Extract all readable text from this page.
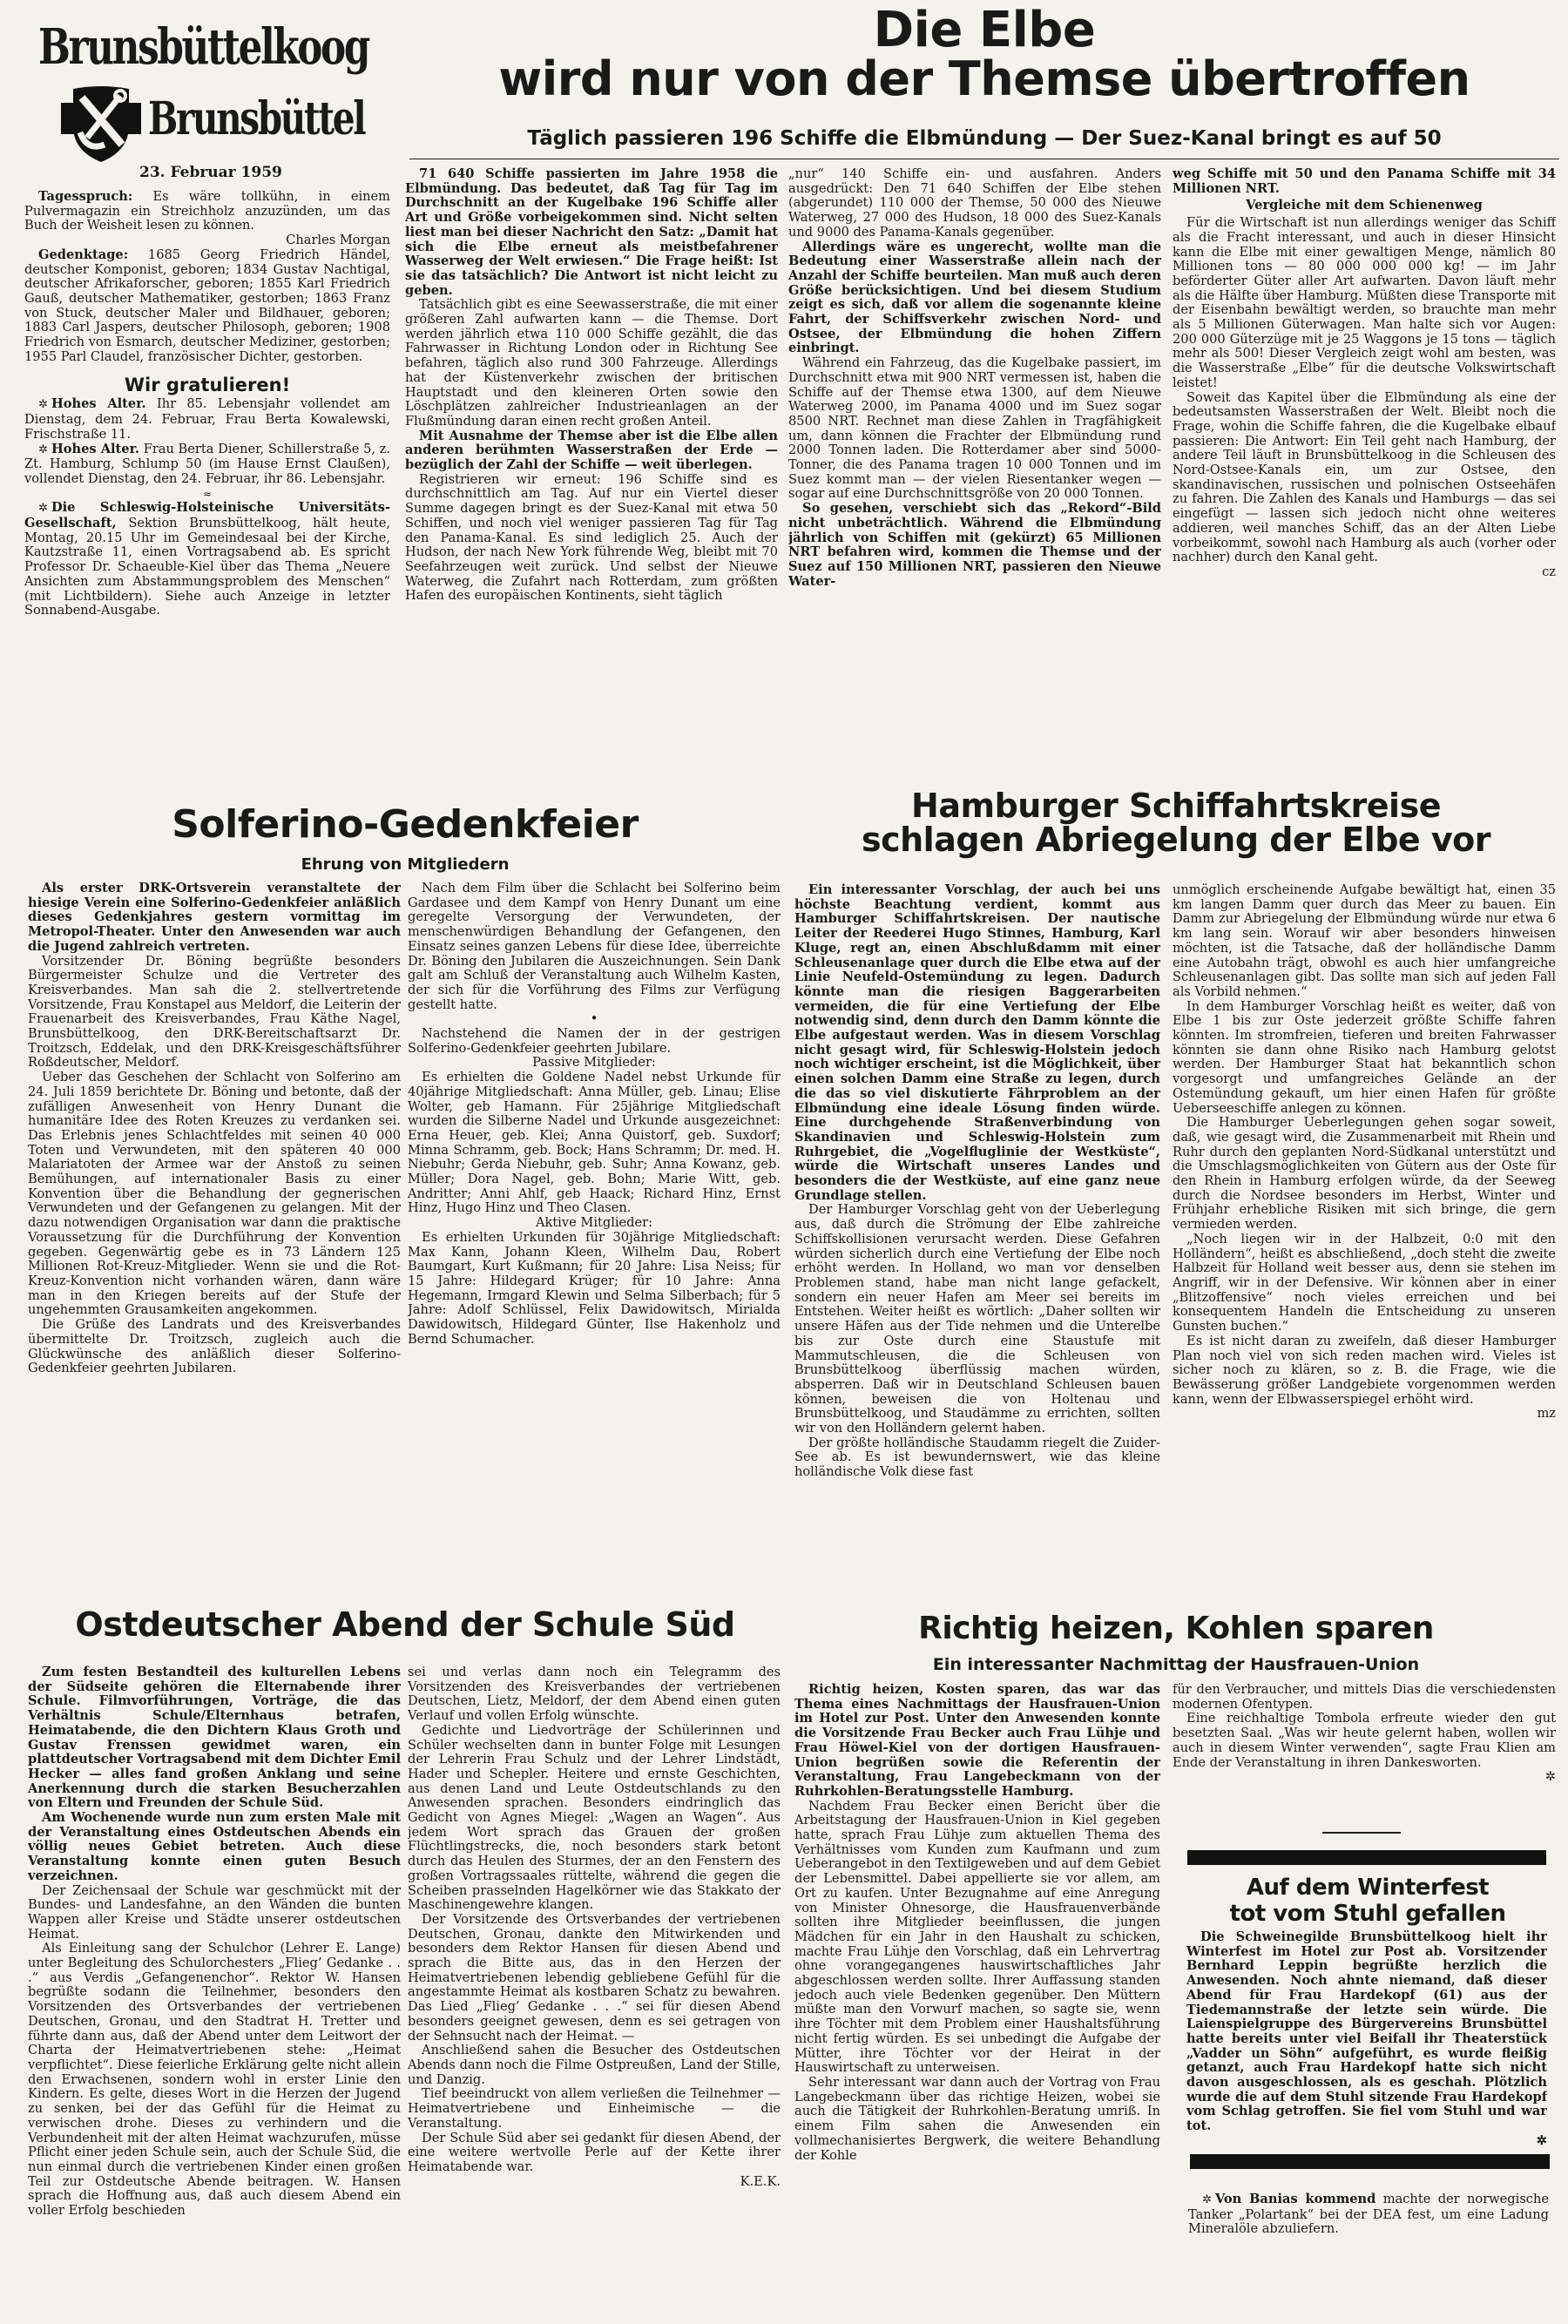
Brunsbüttelkoog
Brunsbüttel
23. Februar 1959

Tagesspruch: Es wäre tollkühn, in einem Pulvermagazin ein Streichholz anzuzünden, um das Buch der Weisheit lesen zu können.

Charles Morgan

Gedenktage: 1685 Georg Friedrich Händel, deutscher Komponist, geboren; 1834 Gustav Nachtigal, deutscher Afrikaforscher, geboren; 1855 Karl Friedrich Gauß, deutscher Mathematiker, gestorben; 1863 Franz von Stuck, deutscher Maler und Bildhauer, geboren; 1883 Carl Jaspers, deutscher Philosoph, geboren; 1908 Friedrich von Esmarch, deutscher Mediziner, gestorben; 1955 Parl Claudel, französischer Dichter, gestorben.

Wir gratulieren!

✲ Hohes Alter. Ihr 85. Lebensjahr vollendet am Dienstag, dem 24. Februar, Frau Berta Kowalewski, Frischstraße 11.

✲ Hohes Alter. Frau Berta Diener, Schillerstraße 5, z. Zt. Hamburg, Schlump 50 (im Hause Ernst Claußen), vollendet Dienstag, den 24. Februar, ihr 86. Lebensjahr.

≈

✲ Die Schleswig-Holsteinische Universitäts-Gesellschaft, Sektion Brunsbüttelkoog, hält heute, Montag, 20.15 Uhr im Gemeindesaal bei der Kirche, Kautzstraße 11, einen Vortragsabend ab. Es spricht Professor Dr. Schaeuble-Kiel über das Thema „Neuere Ansichten zum Abstammungsproblem des Menschen“ (mit Lichtbildern). Siehe auch Anzeige in letzter Sonnabend-Ausgabe.

Die Elbe
wird nur von der Themse übertroffen
Täglich passieren 196 Schiffe die Elbmündung — Der Suez-Kanal bringt es auf 50

71 640 Schiffe passierten im Jahre 1958 die Elbmündung. Das bedeutet, daß Tag für Tag im Durchschnitt an der Kugelbake 196 Schiffe aller Art und Größe vorbeigekommen sind. Nicht selten liest man bei dieser Nachricht den Satz: „Damit hat sich die Elbe erneut als meistbefahrener Wasserweg der Welt erwiesen.“ Die Frage heißt: Ist sie das tatsächlich? Die Antwort ist nicht leicht zu geben.

Tatsächlich gibt es eine Seewasserstraße, die mit einer größeren Zahl aufwarten kann — die Themse. Dort werden jährlich etwa 110 000 Schiffe gezählt, die das Fahrwasser in Richtung London oder in Richtung See befahren, täglich also rund 300 Fahrzeuge. Allerdings hat der Küstenverkehr zwischen der britischen Hauptstadt und den kleineren Orten sowie den Löschplätzen zahlreicher Industrieanlagen an der Flußmündung daran einen recht großen Anteil.

Mit Ausnahme der Themse aber ist die Elbe allen anderen berühmten Wasserstraßen der Erde — bezüglich der Zahl der Schiffe — weit überlegen.

Registrieren wir erneut: 196 Schiffe sind es durchschnittlich am Tag. Auf nur ein Viertel dieser Summe dagegen bringt es der Suez-Kanal mit etwa 50 Schiffen, und noch viel weniger passieren Tag für Tag den Panama-Kanal. Es sind lediglich 25. Auch der Hudson, der nach New York führende Weg, bleibt mit 70 Seefahrzeugen weit zurück. Und selbst der Nieuwe Waterweg, die Zufahrt nach Rotterdam, zum größten Hafen des europäischen Kontinents, sieht täglich

„nur“ 140 Schiffe ein- und ausfahren. Anders ausgedrückt: Den 71 640 Schiffen der Elbe stehen (abgerundet) 110 000 der Themse, 50 000 des Nieuwe Waterweg, 27 000 des Hudson, 18 000 des Suez-Kanals und 9000 des Panama-Kanals gegenüber.

Allerdings wäre es ungerecht, wollte man die Bedeutung einer Wasserstraße allein nach der Anzahl der Schiffe beurteilen. Man muß auch deren Größe berücksichtigen. Und bei diesem Studium zeigt es sich, daß vor allem die sogenannte kleine Fahrt, der Schiffsverkehr zwischen Nord- und Ostsee, der Elbmündung die hohen Ziffern einbringt.

Während ein Fahrzeug, das die Kugelbake passiert, im Durchschnitt etwa mit 900 NRT vermessen ist, haben die Schiffe auf der Themse etwa 1300, auf dem Nieuwe Waterweg 2000, im Panama 4000 und im Suez sogar 8500 NRT. Rechnet man diese Zahlen in Tragfähigkeit um, dann können die Frachter der Elbmündung rund 2000 Tonnen laden. Die Rotterdamer aber sind 5000-Tonner, die des Panama tragen 10 000 Tonnen und im Suez kommt man — der vielen Riesentanker wegen — sogar auf eine Durchschnittsgröße von 20 000 Tonnen.

So gesehen, verschiebt sich das „Rekord“-Bild nicht unbeträchtlich. Während die Elbmündung jährlich von Schiffen mit (gekürzt) 65 Millionen NRT befahren wird, kommen die Themse und der Suez auf 150 Millionen NRT, passieren den Nieuwe Water-

weg Schiffe mit 50 und den Panama Schiffe mit 34 Millionen NRT.

Vergleiche mit dem Schienenweg

Für die Wirtschaft ist nun allerdings weniger das Schiff als die Fracht interessant, und auch in dieser Hinsicht kann die Elbe mit einer gewaltigen Menge, nämlich 80 Millionen tons — 80 000 000 000 kg! — im Jahr beförderter Güter aller Art aufwarten. Davon läuft mehr als die Hälfte über Hamburg. Müßten diese Transporte mit der Eisenbahn bewältigt werden, so brauchte man mehr als 5 Millionen Güterwagen. Man halte sich vor Augen: 200 000 Güterzüge mit je 25 Waggons je 15 tons — täglich mehr als 500! Dieser Vergleich zeigt wohl am besten, was die Wasserstraße „Elbe“ für die deutsche Volkswirtschaft leistet!

Soweit das Kapitel über die Elbmündung als eine der bedeutsamsten Wasserstraßen der Welt. Bleibt noch die Frage, wohin die Schiffe fahren, die die Kugelbake elbauf passieren: Die Antwort: Ein Teil geht nach Hamburg, der andere Teil läuft in Brunsbüttelkoog in die Schleusen des Nord-Ostsee-Kanals ein, um zur Ostsee, den skandinavischen, russischen und polnischen Ostseehäfen zu fahren. Die Zahlen des Kanals und Hamburgs — das sei eingefügt — lassen sich jedoch nicht ohne weiteres addieren, weil manches Schiff, das an der Alten Liebe vorbeikommt, sowohl nach Hamburg als auch (vorher oder nachher) durch den Kanal geht.

cz

Solferino-Gedenkfeier
Ehrung von Mitgliedern

Als erster DRK-Ortsverein veranstaltete der hiesige Verein eine Solferino-Gedenkfeier anläßlich dieses Gedenkjahres gestern vormittag im Metropol-Theater. Unter den Anwesenden war auch die Jugend zahlreich vertreten.

Vorsitzender Dr. Böning begrüßte besonders Bürgermeister Schulze und die Vertreter des Kreisverbandes. Man sah die 2. stellvertretende Vorsitzende, Frau Konstapel aus Meldorf, die Leiterin der Frauenarbeit des Kreisverbandes, Frau Käthe Nagel, Brunsbüttelkoog, den DRK-Bereitschaftsarzt Dr. Troitzsch, Eddelak, und den DRK-Kreisgeschäftsführer Roßdeutscher, Meldorf.

Ueber das Geschehen der Schlacht von Solferino am 24. Juli 1859 berichtete Dr. Böning und betonte, daß der zufälligen Anwesenheit von Henry Dunant die humanitäre Idee des Roten Kreuzes zu verdanken sei. Das Erlebnis jenes Schlachtfeldes mit seinen 40 000 Toten und Verwundeten, mit den späteren 40 000 Malariatoten der Armee war der Anstoß zu seinen Bemühungen, auf internationaler Basis zu einer Konvention über die Behandlung der gegnerischen Verwundeten und der Gefangenen zu gelangen. Mit der dazu notwendigen Organisation war dann die praktische Voraussetzung für die Durchführung der Konvention gegeben. Gegenwärtig gebe es in 73 Ländern 125 Millionen Rot-Kreuz-Mitglieder. Wenn sie und die Rot-Kreuz-Konvention nicht vorhanden wären, dann wäre man in den Kriegen bereits auf der Stufe der ungehemmten Grausamkeiten angekommen.

Die Grüße des Landrats und des Kreisverbandes übermittelte Dr. Troitzsch, zugleich auch die Glückwünsche des anläßlich dieser Solferino-Gedenkfeier geehrten Jubilaren.

Nach dem Film über die Schlacht bei Solferino beim Gardasee und dem Kampf von Henry Dunant um eine geregelte Versorgung der Verwundeten, der menschenwürdigen Behandlung der Gefangenen, den Einsatz seines ganzen Lebens für diese Idee, überreichte Dr. Böning den Jubilaren die Auszeichnungen. Sein Dank galt am Schluß der Veranstaltung auch Wilhelm Kasten, der sich für die Vorführung des Films zur Verfügung gestellt hatte.

•

Nachstehend die Namen der in der gestrigen Solferino-Gedenkfeier geehrten Jubilare.

Passive Mitglieder:

Es erhielten die Goldene Nadel nebst Urkunde für 40jährige Mitgliedschaft: Anna Müller, geb. Linau; Elise Wolter, geb Hamann. Für 25jährige Mitgliedschaft wurden die Silberne Nadel und Urkunde ausgezeichnet: Erna Heuer, geb. Klei; Anna Quistorf, geb. Suxdorf; Minna Schramm, geb. Bock; Hans Schramm; Dr. med. H. Niebuhr; Gerda Niebuhr, geb. Suhr; Anna Kowanz, geb. Müller; Dora Nagel, geb. Bohn; Marie Witt, geb. Andritter; Anni Ahlf, geb Haack; Richard Hinz, Ernst Hinz, Hugo Hinz und Theo Clasen.

Aktive Mitglieder:

Es erhielten Urkunden für 30jährige Mitgliedschaft: Max Kann, Johann Kleen, Wilhelm Dau, Robert Baumgart, Kurt Kußmann; für 20 Jahre: Lisa Neiss; für 15 Jahre: Hildegard Krüger; für 10 Jahre: Anna Hegemann, Irmgard Klewin und Selma Silberbach; für 5 Jahre: Adolf Schlüssel, Felix Dawidowitsch, Mirialda Dawidowitsch, Hildegard Günter, Ilse Hakenholz und Bernd Schumacher.

Hamburger Schiffahrtskreise
schlagen Abriegelung der Elbe vor

Ein interessanter Vorschlag, der auch bei uns höchste Beachtung verdient, kommt aus Hamburger Schiffahrtskreisen. Der nautische Leiter der Reederei Hugo Stinnes, Hamburg, Karl Kluge, regt an, einen Abschlußdamm mit einer Schleusenanlage quer durch die Elbe etwa auf der Linie Neufeld-Ostemündung zu legen. Dadurch könnte man die riesigen Baggerarbeiten vermeiden, die für eine Vertiefung der Elbe notwendig sind, denn durch den Damm könnte die Elbe aufgestaut werden. Was in diesem Vorschlag nicht gesagt wird, für Schleswig-Holstein jedoch noch wichtiger erscheint, ist die Möglichkeit, über einen solchen Damm eine Straße zu legen, durch die das so viel diskutierte Fährproblem an der Elbmündung eine ideale Lösung finden würde. Eine durchgehende Straßenverbindung von Skandinavien und Schleswig-Holstein zum Ruhrgebiet, die „Vogelfluglinie der Westküste“, würde die Wirtschaft unseres Landes und besonders die der Westküste, auf eine ganz neue Grundlage stellen.

Der Hamburger Vorschlag geht von der Ueberlegung aus, daß durch die Strömung der Elbe zahlreiche Schiffskollisionen verursacht werden. Diese Gefahren würden sicherlich durch eine Vertiefung der Elbe noch erhöht werden. In Holland, wo man vor denselben Problemen stand, habe man nicht lange gefackelt, sondern ein neuer Hafen am Meer sei bereits im Entstehen. Weiter heißt es wörtlich: „Daher sollten wir unsere Häfen aus der Tide nehmen und die Unterelbe bis zur Oste durch eine Staustufe mit Mammutschleusen, die die Schleusen von Brunsbüttelkoog überflüssig machen würden, absperren. Daß wir in Deutschland Schleusen bauen können, beweisen die von Holtenau und Brunsbüttelkoog, und Staudämme zu errichten, sollten wir von den Holländern gelernt haben.

Der größte holländische Staudamm riegelt die Zuider-See ab. Es ist bewundernswert, wie das kleine holländische Volk diese fast

unmöglich erscheinende Aufgabe bewältigt hat, einen 35 km langen Damm quer durch das Meer zu bauen. Ein Damm zur Abriegelung der Elbmündung würde nur etwa 6 km lang sein. Worauf wir aber besonders hinweisen möchten, ist die Tatsache, daß der holländische Damm eine Autobahn trägt, obwohl es auch hier umfangreiche Schleusenanlagen gibt. Das sollte man sich auf jeden Fall als Vorbild nehmen.“

In dem Hamburger Vorschlag heißt es weiter, daß von Elbe 1 bis zur Oste jederzeit größte Schiffe fahren könnten. Im stromfreien, tieferen und breiten Fahrwasser könnten sie dann ohne Risiko nach Hamburg gelotst werden. Der Hamburger Staat hat bekanntlich schon vorgesorgt und umfangreiches Gelände an der Ostemündung gekauft, um hier einen Hafen für größte Ueberseeschiffe anlegen zu können.

Die Hamburger Ueberlegungen gehen sogar soweit, daß, wie gesagt wird, die Zusammenarbeit mit Rhein und Ruhr durch den geplanten Nord-Südkanal unterstützt und die Umschlagsmöglichkeiten von Gütern aus der Oste für den Rhein in Hamburg erfolgen würde, da der Seeweg durch die Nordsee besonders im Herbst, Winter und Frühjahr erhebliche Risiken mit sich bringe, die gern vermieden werden.

„Noch liegen wir in der Halbzeit, 0:0 mit den Holländern“, heißt es abschließend, „doch steht die zweite Halbzeit für Holland weit besser aus, denn sie stehen im Angriff, wir in der Defensive. Wir können aber in einer „Blitzoffensive“ noch vieles erreichen und bei konsequentem Handeln die Entscheidung zu unseren Gunsten buchen.“

Es ist nicht daran zu zweifeln, daß dieser Hamburger Plan noch viel von sich reden machen wird. Vieles ist sicher noch zu klären, so z. B. die Frage, wie die Bewässerung größer Landgebiete vorgenommen werden kann, wenn der Elbwasserspiegel erhöht wird.

mz

Ostdeutscher Abend der Schule Süd

Zum festen Bestandteil des kulturellen Lebens der Südseite gehören die Elternabende ihrer Schule. Filmvorführungen, Vorträge, die das Verhältnis Schule/Elternhaus betrafen, Heimatabende, die den Dichtern Klaus Groth und Gustav Frenssen gewidmet waren, ein plattdeutscher Vortragsabend mit dem Dichter Emil Hecker — alles fand großen Anklang und seine Anerkennung durch die starken Besucherzahlen von Eltern und Freunden der Schule Süd.

Am Wochenende wurde nun zum ersten Male mit der Veranstaltung eines Ostdeutschen Abends ein völlig neues Gebiet betreten. Auch diese Veranstaltung konnte einen guten Besuch verzeichnen.

Der Zeichensaal der Schule war geschmückt mit der Bundes- und Landesfahne, an den Wänden die bunten Wappen aller Kreise und Städte unserer ostdeutschen Heimat.

Als Einleitung sang der Schulchor (Lehrer E. Lange) unter Begleitung des Schulorchesters „Flieg’ Gedanke . . .“ aus Verdis „Gefangenenchor“. Rektor W. Hansen begrüßte sodann die Teilnehmer, besonders den Vorsitzenden des Ortsverbandes der vertriebenen Deutschen, Gronau, und den Stadtrat H. Tretter und führte dann aus, daß der Abend unter dem Leitwort der Charta der Heimatvertriebenen stehe: „Heimat verpflichtet“. Diese feierliche Erklärung gelte nicht allein den Erwachsenen, sondern wohl in erster Linie den Kindern. Es gelte, dieses Wort in die Herzen der Jugend zu senken, bei der das Gefühl für die Heimat zu verwischen drohe. Dieses zu verhindern und die Verbundenheit mit der alten Heimat wachzurufen, müsse Pflicht einer jeden Schule sein, auch der Schule Süd, die nun einmal durch die vertriebenen Kinder einen großen Teil zur Ostdeutsche Abende beitragen. W. Hansen sprach die Hoffnung aus, daß auch diesem Abend ein voller Erfolg beschieden

sei und verlas dann noch ein Telegramm des Vorsitzenden des Kreisverbandes der vertriebenen Deutschen, Lietz, Meldorf, der dem Abend einen guten Verlauf und vollen Erfolg wünschte.

Gedichte und Liedvorträge der Schülerinnen und Schüler wechselten dann in bunter Folge mit Lesungen der Lehrerin Frau Schulz und der Lehrer Lindstädt, Hader und Schepler. Heitere und ernste Geschichten, aus denen Land und Leute Ostdeutschlands zu den Anwesenden sprachen. Besonders eindringlich das Gedicht von Agnes Miegel: „Wagen an Wagen“. Aus jedem Wort sprach das Grauen der großen Flüchtlingstrecks, die, noch besonders stark betont durch das Heulen des Sturmes, der an den Fenstern des großen Vortragssaales rüttelte, während die gegen die Scheiben prasselnden Hagelkörner wie das Stakkato der Maschinengewehre klangen.

Der Vorsitzende des Ortsverbandes der vertriebenen Deutschen, Gronau, dankte den Mitwirkenden und besonders dem Rektor Hansen für diesen Abend und sprach die Bitte aus, das in den Herzen der Heimatvertriebenen lebendig gebliebene Gefühl für die angestammte Heimat als kostbaren Schatz zu bewahren. Das Lied „Flieg’ Gedanke . . .“ sei für diesen Abend besonders geeignet gewesen, denn es sei getragen von der Sehnsucht nach der Heimat. —

Anschließend sahen die Besucher des Ostdeutschen Abends dann noch die Filme Ostpreußen, Land der Stille, und Danzig.

Tief beeindruckt von allem verließen die Teilnehmer — Heimatvertriebene und Einheimische — die Veranstaltung.

Der Schule Süd aber sei gedankt für diesen Abend, der eine weitere wertvolle Perle auf der Kette ihrer Heimatabende war.

K.E.K.

Richtig heizen, Kohlen sparen
Ein interessanter Nachmittag der Hausfrauen-Union

Richtig heizen, Kosten sparen, das war das Thema eines Nachmittags der Hausfrauen-Union im Hotel zur Post. Unter den Anwesenden konnte die Vorsitzende Frau Becker auch Frau Lühje und Frau Höwel-Kiel von der dortigen Hausfrauen-Union begrüßen sowie die Referentin der Veranstaltung, Frau Langebeckmann von der Ruhrkohlen-Beratungsstelle Hamburg.

Nachdem Frau Becker einen Bericht über die Arbeitstagung der Hausfrauen-Union in Kiel gegeben hatte, sprach Frau Lühje zum aktuellen Thema des Verhältnisses vom Kunden zum Kaufmann und zum Ueberangebot in den Textilgeweben und auf dem Gebiet der Lebensmittel. Dabei appellierte sie vor allem, am Ort zu kaufen. Unter Bezugnahme auf eine Anregung von Minister Ohnesorge, die Hausfrauenverbände sollten ihre Mitglieder beeinflussen, die jungen Mädchen für ein Jahr in den Haushalt zu schicken, machte Frau Lühje den Vorschlag, daß ein Lehrvertrag ohne vorangegangenes hauswirtschaftliches Jahr abgeschlossen werden sollte. Ihrer Auffassung standen jedoch auch viele Bedenken gegenüber. Den Müttern müßte man den Vorwurf machen, so sagte sie, wenn ihre Töchter mit dem Problem einer Haushaltsführung nicht fertig würden. Es sei unbedingt die Aufgabe der Mütter, ihre Töchter vor der Heirat in der Hauswirtschaft zu unterweisen.

Sehr interessant war dann auch der Vortrag von Frau Langebeckmann über das richtige Heizen, wobei sie auch die Tätigkeit der Ruhrkohlen-Beratung umriß. In einem Film sahen die Anwesenden ein vollmechanisiertes Bergwerk, die weitere Behandlung der Kohle

für den Verbraucher, und mittels Dias die verschiedensten modernen Ofentypen.

Eine reichhaltige Tombola erfreute wieder den gut besetzten Saal. „Was wir heute gelernt haben, wollen wir auch in diesem Winter verwenden“, sagte Frau Klien am Ende der Veranstaltung in ihren Dankesworten.

✲

Auf dem Winterfest
tot vom Stuhl gefallen

Die Schweinegilde Brunsbüttelkoog hielt ihr Winterfest im Hotel zur Post ab. Vorsitzender Bernhard Leppin begrüßte herzlich die Anwesenden. Noch ahnte niemand, daß dieser Abend für Frau Hardekopf (61) aus der Tiedemannstraße der letzte sein würde. Die Laienspielgruppe des Bürgervereins Brunsbüttel hatte bereits unter viel Beifall ihr Theaterstück „Vadder un Söhn“ aufgeführt, es wurde fleißig getanzt, auch Frau Hardekopf hatte sich nicht davon ausgeschlossen, als es geschah. Plötzlich wurde die auf dem Stuhl sitzende Frau Hardekopf vom Schlag getroffen. Sie fiel vom Stuhl und war tot.

✲

✲ Von Banias kommend machte der norwegische Tanker „Polartank“ bei der DEA fest, um eine Ladung Mineralöle abzuliefern.
